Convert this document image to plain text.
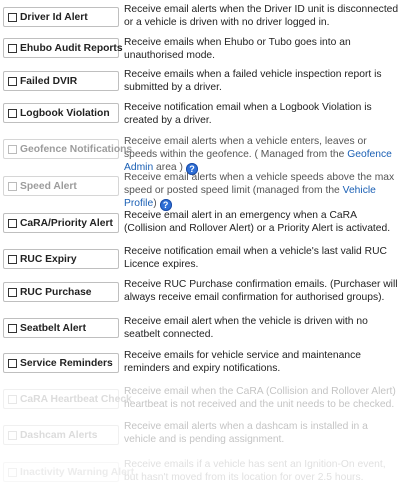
Driver Id Alert
Receive email alerts when the Driver ID unit is disconnected or a vehicle is driven with no driver logged in.
Ehubo Audit Reports Receive emails when Ehubo or Tubo goes into an unauthorised mode.
Failed DVIR
Receive emails when a failed vehicle inspection report is submitted by a driver.
Logbook Violation Receive notification email when a Logbook Violation is created by a driver.
Geofence Notifications
Receive email alerts when a vehicle enters, leaves or speeds within the geofence. ( Managed from the Geofence Admin area ) ?
Speed Alert
Receive email alerts when a vehicle speeds above the max speed or posted speed limit (managed from the Vehicle Profile) ?
CaRA/Priority Alert
Receive email alert in an emergency when a CaRA (Collision and Rollover Alert) or a Priority Alert is activated.
RUC Expiry
Receive notification email when a vehicle's last valid RUC Licence expires.
RUC Purchase
Receive RUC Purchase confirmation emails. (Purchaser will always receive email confirmation for authorised groups).
Seatbelt Alert
Receive email alert when the vehicle is driven with no seatbelt connected.
Service Reminders
Receive emails for vehicle service and maintenance reminders and expiry notifications.
CaRA Heartbeat Check
Receive email when the CaRA (Collision and Rollover Alert) heartbeat is not received and the unit needs to be checked.
Dashcam Alerts
Receive email alerts when a dashcam is installed in a vehicle and is pending assignment.
Inactivity Warning Alert
Receive emails if a vehicle has sent an Ignition-On event, but hasn't moved from its location for over 2.5 hours.
